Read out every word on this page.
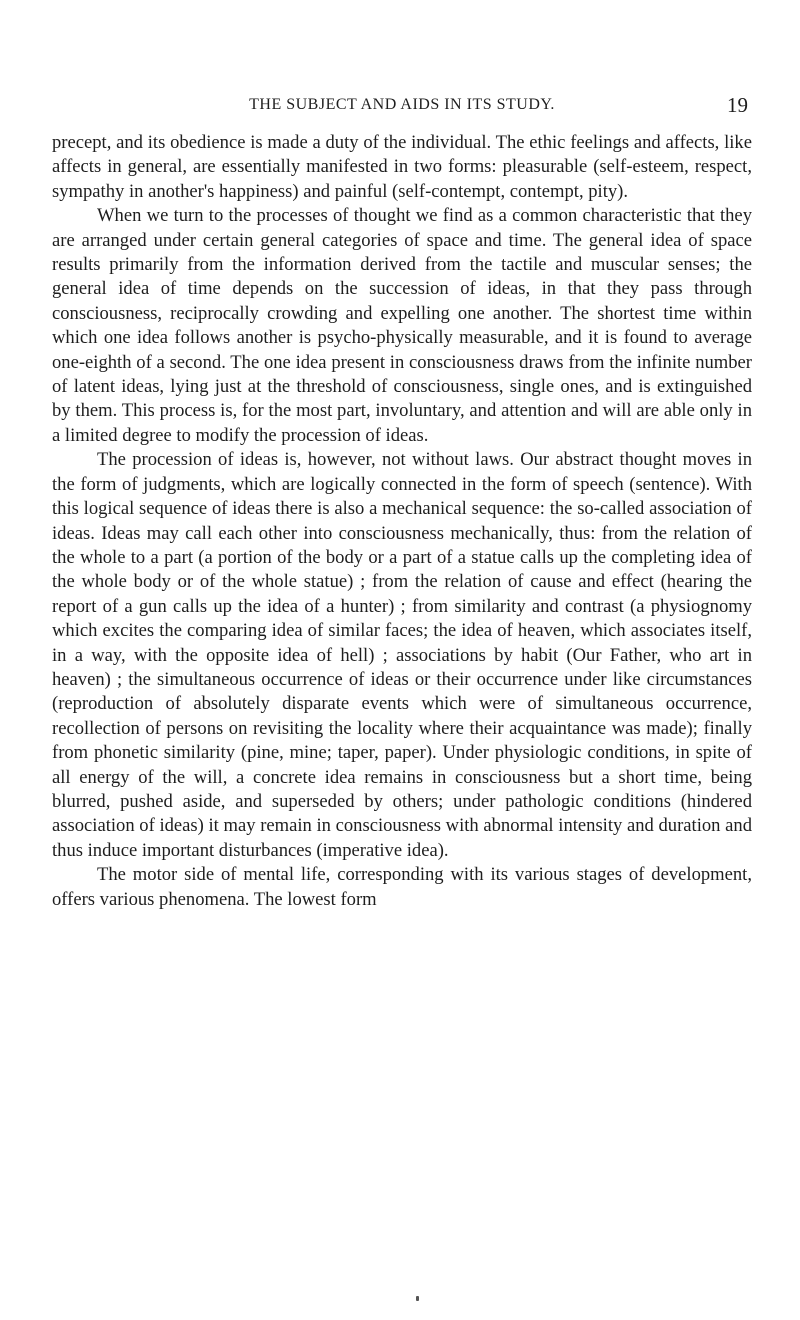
THE SUBJECT AND AIDS IN ITS STUDY.	19

precept, and its obedience is made a duty of the individual. The ethic feelings and affects, like affects in general, are essentially manifested in two forms: pleasurable (self-esteem, respect, sympathy in another's happiness) and painful (self-contempt, contempt, pity).

When we turn to the processes of thought we find as a common characteristic that they are arranged under certain general categories of space and time. The general idea of space results primarily from the information derived from the tactile and muscular senses; the general idea of time depends on the succession of ideas, in that they pass through consciousness, reciprocally crowding and expelling one another. The shortest time within which one idea follows another is psycho-physically measurable, and it is found to average one-eighth of a second. The one idea present in consciousness draws from the infinite number of latent ideas, lying just at the threshold of consciousness, single ones, and is extinguished by them. This process is, for the most part, involuntary, and attention and will are able only in a limited degree to modify the procession of ideas.

The procession of ideas is, however, not without laws. Our abstract thought moves in the form of judgments, which are logically connected in the form of speech (sentence). With this logical sequence of ideas there is also a mechanical sequence: the so-called association of ideas. Ideas may call each other into consciousness mechanically, thus: from the relation of the whole to a part (a portion of the body or a part of a statue calls up the completing idea of the whole body or of the whole statue) ; from the relation of cause and effect (hearing the report of a gun calls up the idea of a hunter) ; from similarity and contrast (a physiognomy which excites the comparing idea of similar faces; the idea of heaven, which associates itself, in a way, with the opposite idea of hell) ; associations by habit (Our Father, who art in heaven) ; the simultaneous occurrence of ideas or their occurrence under like circumstances (reproduction of absolutely disparate events which were of simultaneous occurrence, recollection of persons on revisiting the locality where their acquaintance was made); finally from phonetic similarity (pine, mine; taper, paper). Under physiologic conditions, in spite of all energy of the will, a concrete idea remains in consciousness but a short time, being blurred, pushed aside, and superseded by others; under pathologic conditions (hindered association of ideas) it may remain in consciousness with abnormal intensity and duration and thus induce important disturbances (imperative idea).

The motor side of mental life, corresponding with its various stages of development, offers various phenomena. The lowest form
